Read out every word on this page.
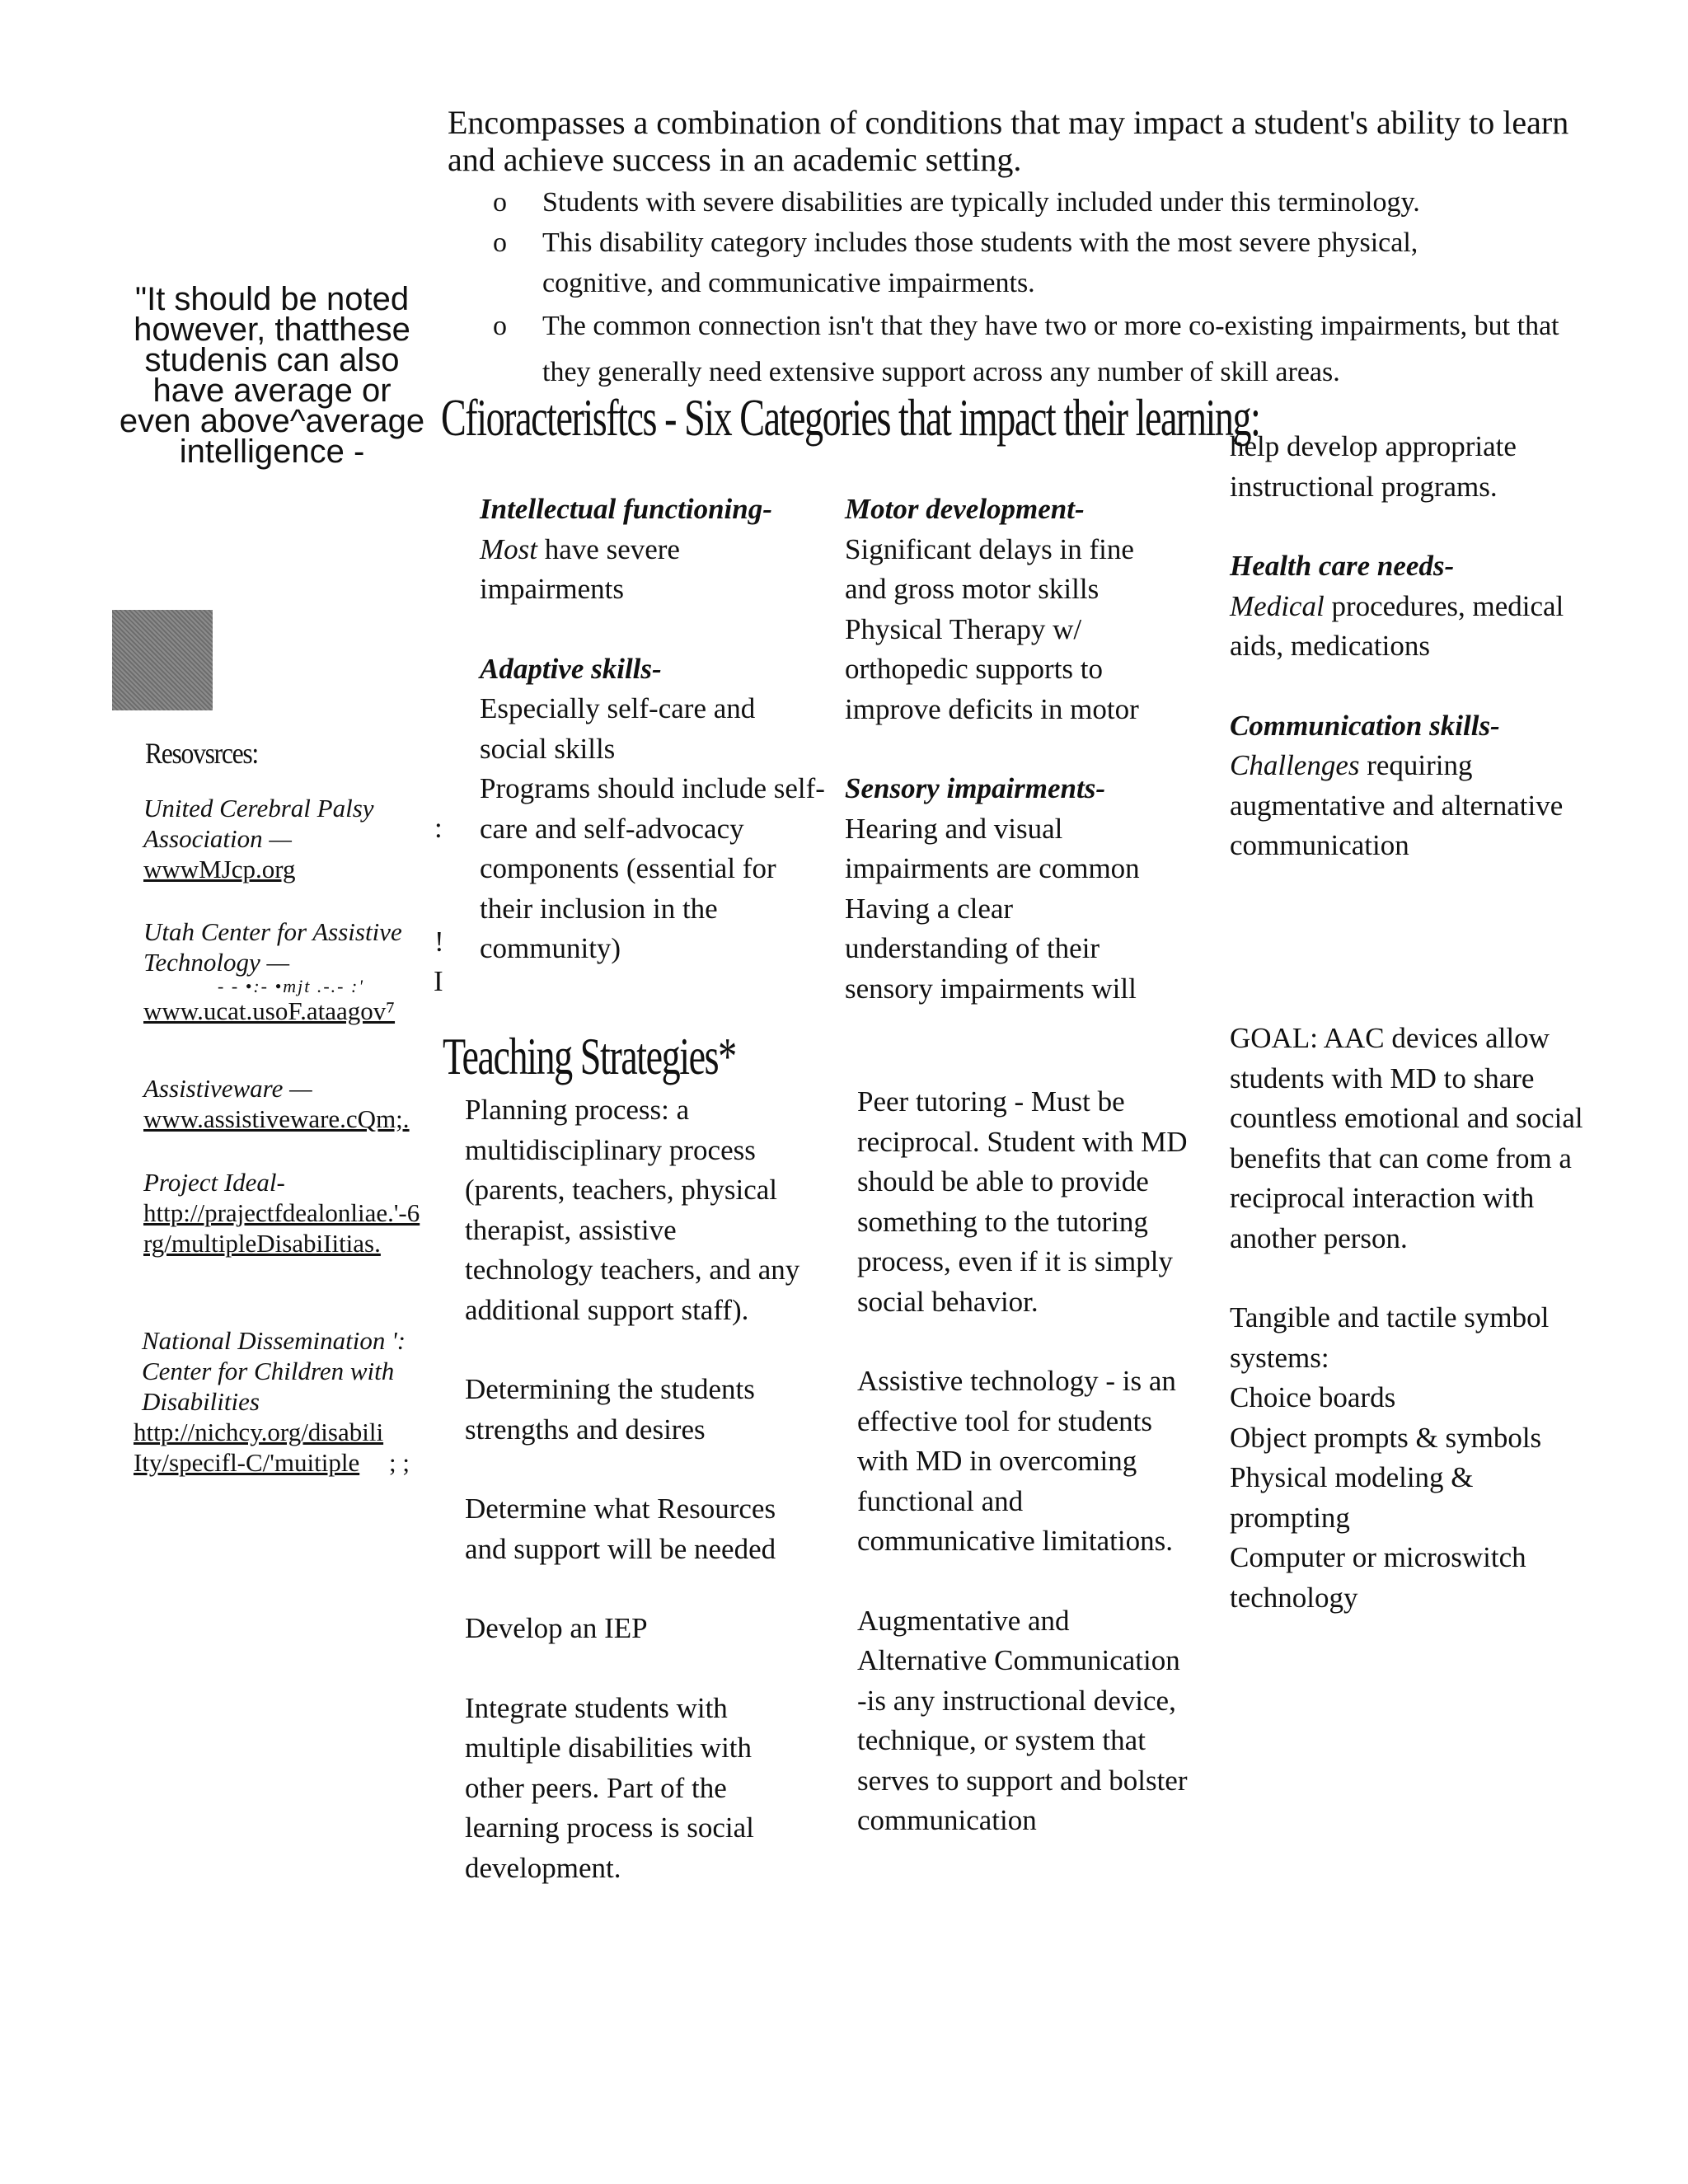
Encompasses a combination of conditions that may impact a student's ability to learn and achieve success in an academic setting.
o Students with severe disabilities are typically included under this terminology.
o This disability category includes those students with the most severe physical, cognitive, and communicative impairments.
o The common connection isn't that they have two or more co-existing impairments, but that they generally need extensive support across any number of skill areas.
"It should be noted however, thatthese studenis can also have average or even above^average intelligence -
Resovsrces:
United Cerebral Palsy Association —
wwwMJcp.org
Utah Center for Assistive Technology —
- - •:- •mjt .-.- :'
www.ucat.usoF.ataagov⁷
Assistiveware —
www.assistiveware.cQm;.
Project Ideal-
http://prajectfdealonliae.'-6rg/multipleDisabiIitias.
National Dissemination ': Center for Children with Disabilities
http://nichcy.org/disabili Ity/specifl-C/'muitiple	; ;
Cfioracterisftcs - Six Categories that impact their learning:
:
!
I
Intellectual functioning-
Most have severe impairments
Adaptive skills-
Especially self-care and social skills
Programs should include self-care and self-advocacy components (essential for their inclusion in the community)
Motor development-
Significant delays in fine and gross motor skills Physical Therapy w/ orthopedic supports to improve deficits in motor
Sensory impairments-
Hearing and visual impairments are common Having a clear understanding of their sensory impairments will
help develop appropriate instructional programs.
Health care needs-
Medical procedures, medical aids, medications
Communication skills-
Challenges requiring augmentative and alternative communication
Teaching Strategies*
Planning process: a multidisciplinary process (parents, teachers, physical therapist, assistive technology teachers, and any additional support staff).
Determining the students strengths and desires
Determine what Resources and support will be needed
Develop an IEP
Integrate students with multiple disabilities with other peers. Part of the learning process is social development.
Peer tutoring - Must be reciprocal. Student with MD should be able to provide something to the tutoring process, even if it is simply social behavior.
Assistive technology - is an effective tool for students with MD in overcoming functional and communicative limitations.
Augmentative and Alternative Communication -is any instructional device, technique, or system that serves to support and bolster communication
GOAL: AAC devices allow students with MD to share countless emotional and social benefits that can come from a reciprocal interaction with another person.
Tangible and tactile symbol systems:
Choice boards
Object prompts & symbols
Physical modeling & prompting
Computer or microswitch technology
